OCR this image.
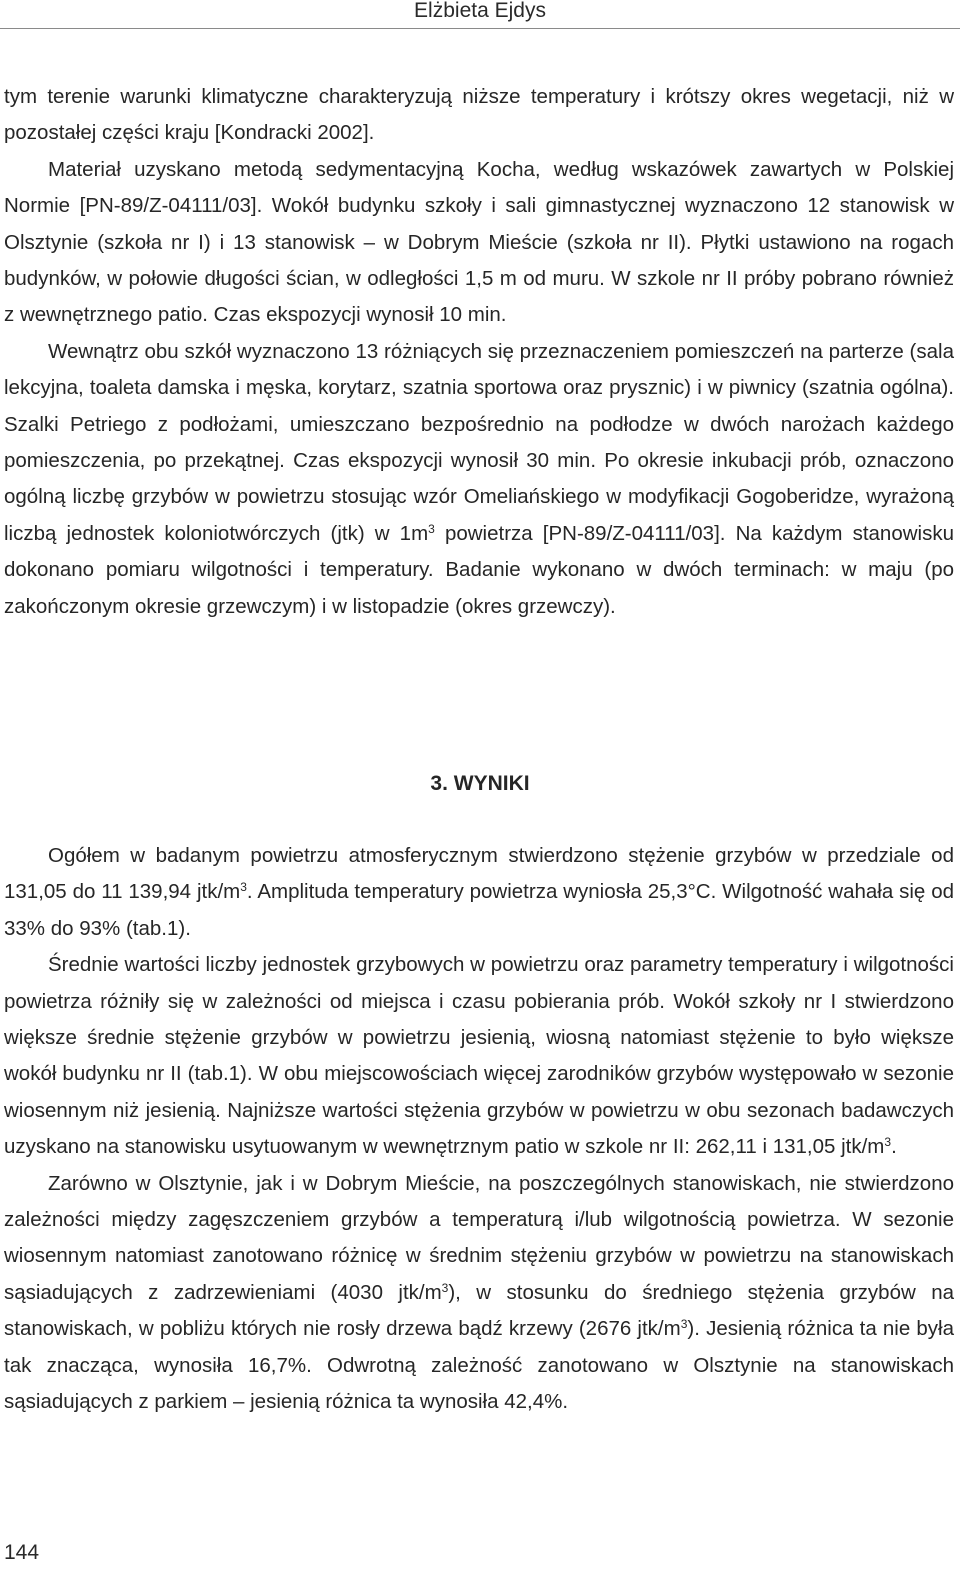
Elżbieta Ejdys

tym terenie warunki klimatyczne charakteryzują niższe temperatury i krótszy okres wegetacji, niż w pozostałej części kraju [Kondracki 2002].

Materiał uzyskano metodą sedymentacyjną Kocha, według wskazówek zawartych w Polskiej Normie [PN-89/Z-04111/03]. Wokół budynku szkoły i sali gimnastycznej wyznaczono 12 stanowisk w Olsztynie (szkoła nr I) i 13 stanowisk – w Dobrym Mieście (szkoła nr II). Płytki ustawiono na rogach budynków, w połowie długości ścian, w odległości 1,5 m od muru. W szkole nr II próby pobrano również z wewnętrznego patio. Czas ekspozycji wynosił 10 min.

Wewnątrz obu szkół wyznaczono 13 różniących się przeznaczeniem pomieszczeń na parterze (sala lekcyjna, toaleta damska i męska, korytarz, szatnia sportowa oraz prysznic) i w piwnicy (szatnia ogólna). Szalki Petriego z podłożami, umieszczano bezpośrednio na podłodze w dwóch narożach każdego pomieszczenia, po przekątnej. Czas ekspozycji wynosił 30 min. Po okresie inkubacji prób, oznaczono ogólną liczbę grzybów w powietrzu stosując wzór Omeliańskiego w modyfikacji Gogoberidze, wyrażoną liczbą jednostek koloniotwórczych (jtk) w $1m^3$ powietrza [PN-89/Z-04111/03]. Na każdym stanowisku dokonano pomiaru wilgotności i temperatury. Badanie wykonano w dwóch terminach: w maju (po zakończonym okresie grzewczym) i w listopadzie (okres grzewczy).

3. WYNIKI

Ogółem w badanym powietrzu atmosferycznym stwierdzono stężenie grzybów w przedziale od 131,05 do 11 139,94 jtk/$m^3$. Amplituda temperatury powietrza wyniosła 25,3°C. Wilgotność wahała się od 33% do 93% (tab.1).

Średnie wartości liczby jednostek grzybowych w powietrzu oraz parametry temperatury i wilgotności powietrza różniły się w zależności od miejsca i czasu pobierania prób. Wokół szkoły nr I stwierdzono większe średnie stężenie grzybów w powietrzu jesienią, wiosną natomiast stężenie to było większe wokół budynku nr II (tab.1). W obu miejscowościach więcej zarodników grzybów występowało w sezonie wiosennym niż jesienią. Najniższe wartości stężenia grzybów w powietrzu w obu sezonach badawczych uzyskano na stanowisku usytuowanym w wewnętrznym patio w szkole nr II: 262,11 i 131,05 jtk/$m^3$.

Zarówno w Olsztynie, jak i w Dobrym Mieście, na poszczególnych stanowiskach, nie stwierdzono zależności między zagęszczeniem grzybów a temperaturą i/lub wilgotnością powietrza. W sezonie wiosennym natomiast zanotowano różnicę w średnim stężeniu grzybów w powietrzu na stanowiskach sąsiadujących z zadrzewieniami (4030 jtk/$m^3$), w stosunku do średniego stężenia grzybów na stanowiskach, w pobliżu których nie rosły drzewa bądź krzewy (2676 jtk/$m^3$). Jesienią różnica ta nie była tak znacząca, wynosiła 16,7%. Odwrotną zależność zanotowano w Olsztynie na stanowiskach sąsiadujących z parkiem – jesienią różnica ta wynosiła 42,4%.

144
